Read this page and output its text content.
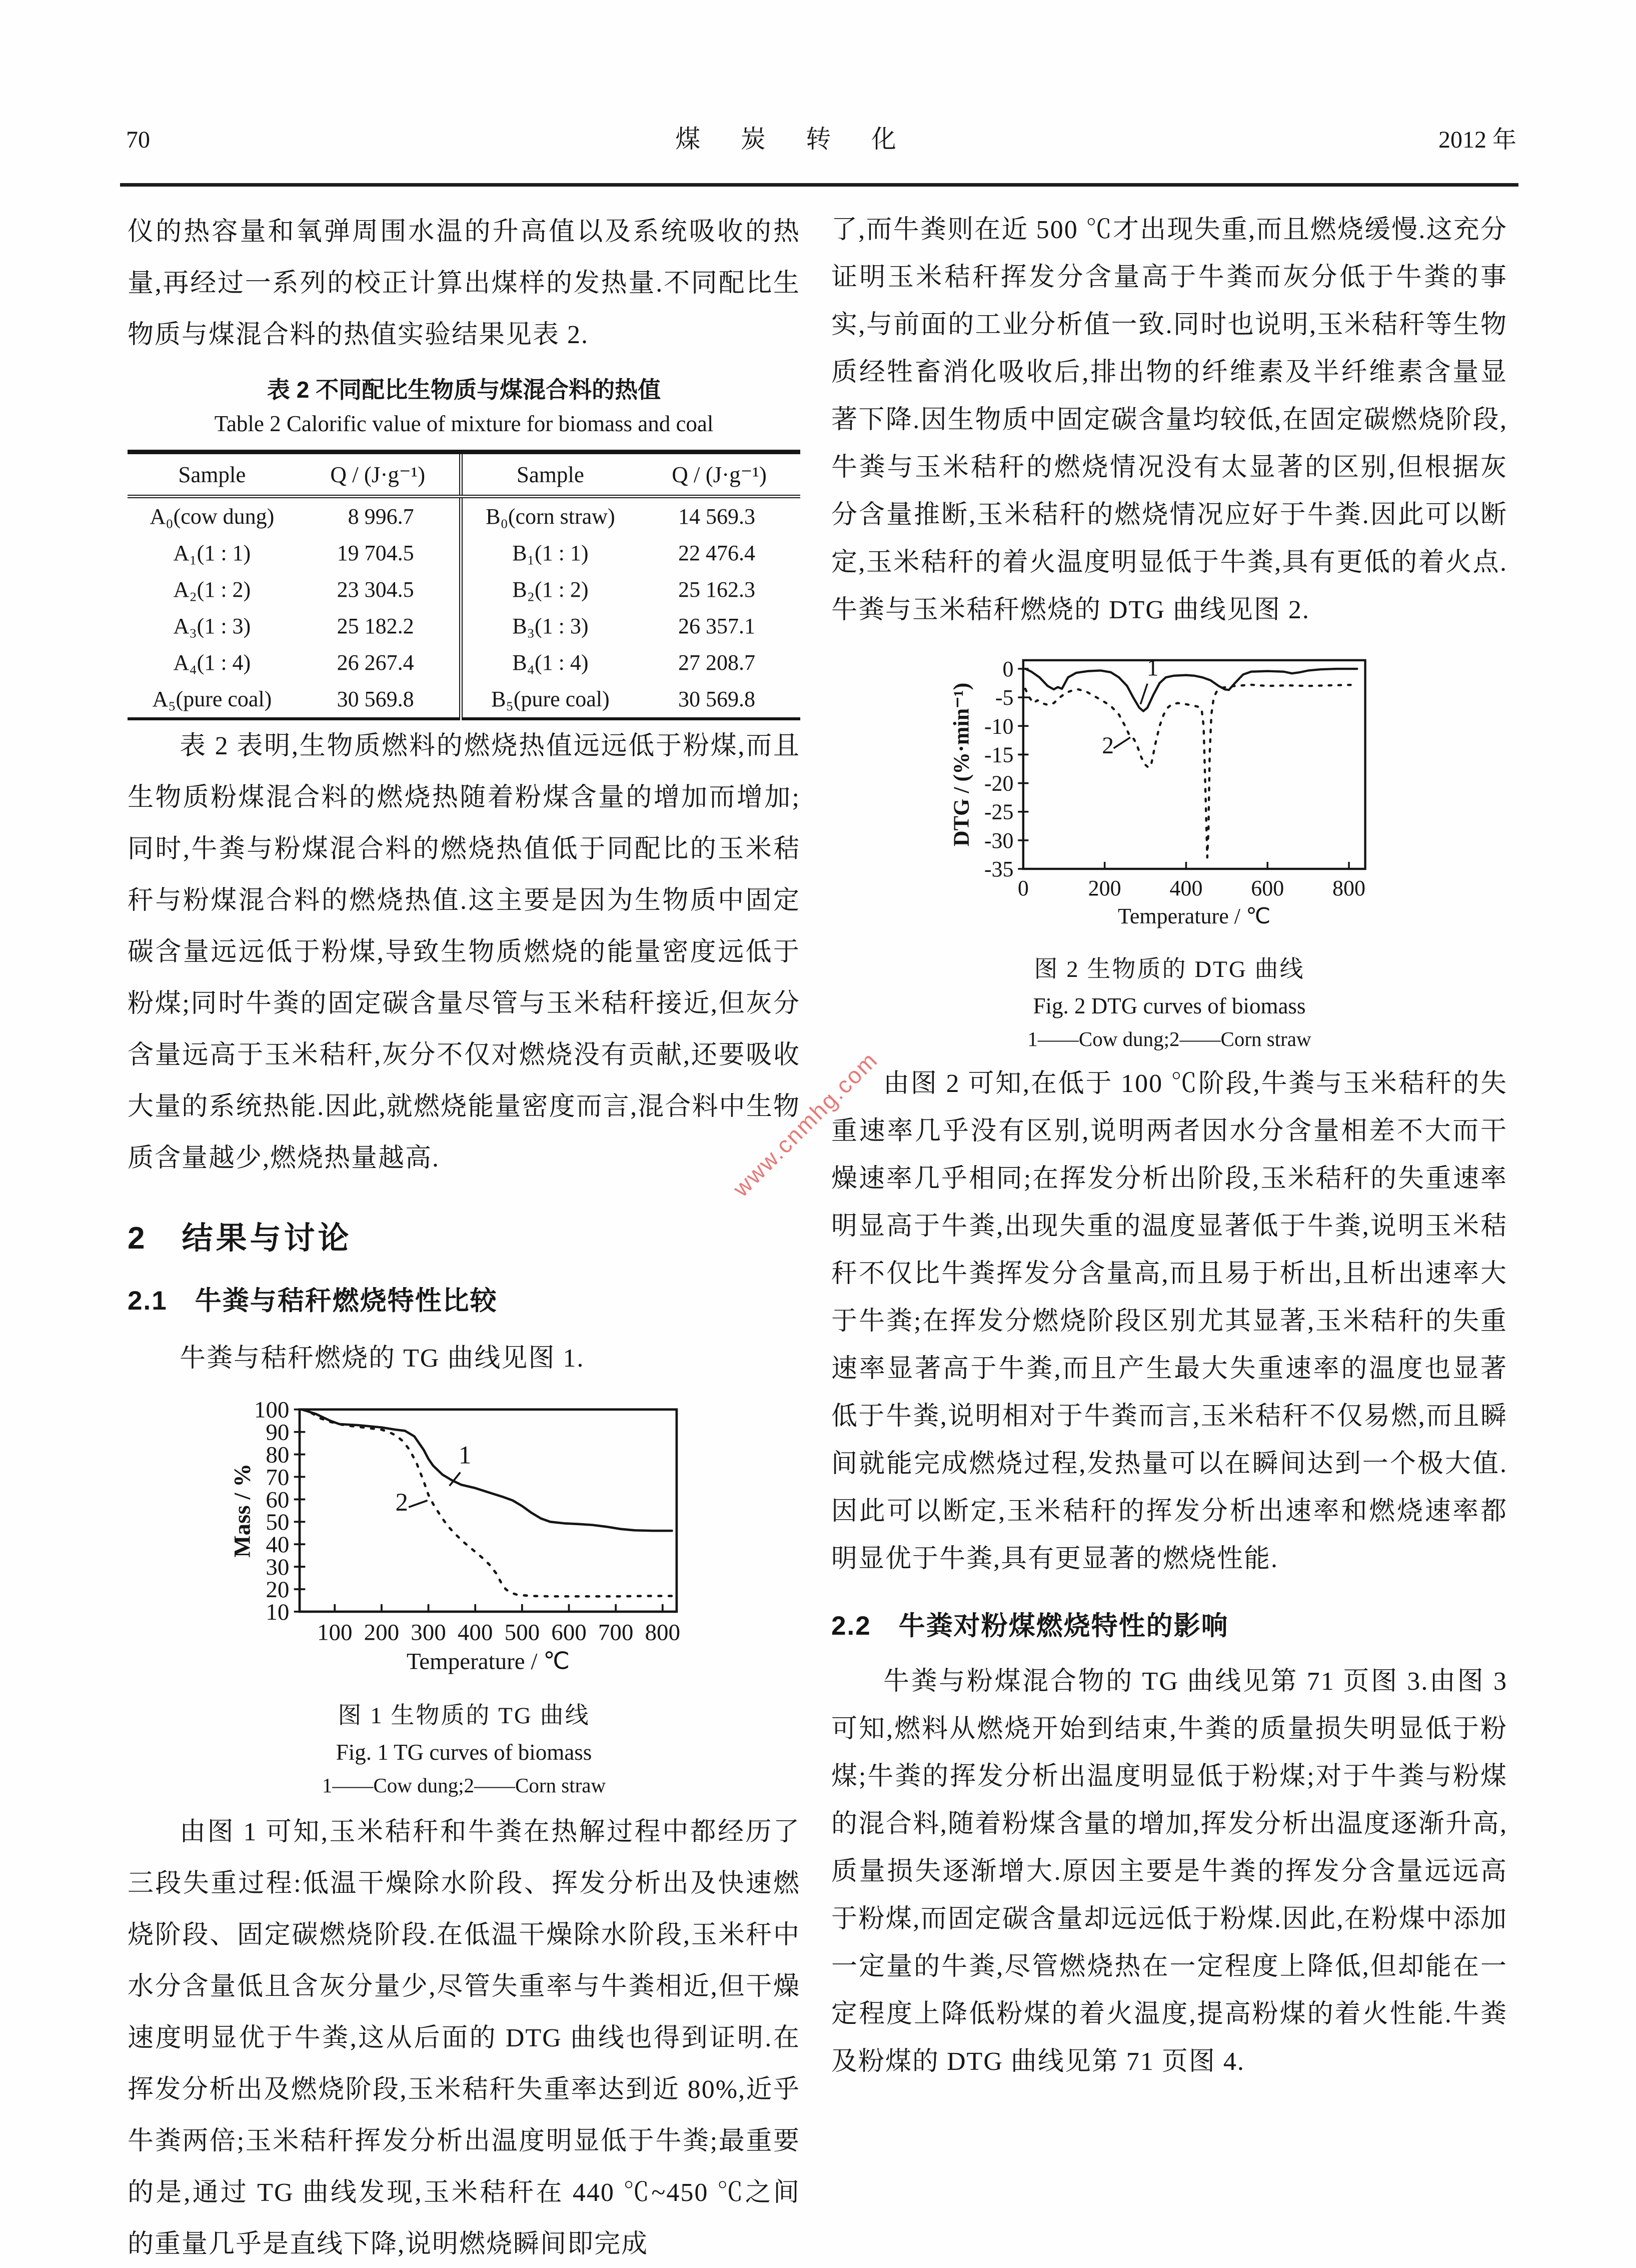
70	煤 炭 转 化	2012 年

仪的热容量和氧弹周围水温的升高值以及系统吸收的热量,再经过一系列的校正计算出煤样的发热量.不同配比生物质与煤混合料的热值实验结果见表 2.

表 2 不同配比生物质与煤混合料的热值
Table 2 Calorific value of mixture for biomass and coal
Sample	Q / (J·g⁻¹)	Sample	Q / (J·g⁻¹)
A₀(cow dung)	8 996.7	B₀(corn straw)	14 569.3
A₁(1 : 1)	19 704.5	B₁(1 : 1)	22 476.4
A₂(1 : 2)	23 304.5	B₂(1 : 2)	25 162.3
A₃(1 : 3)	25 182.2	B₃(1 : 3)	26 357.1
A₄(1 : 4)	26 267.4	B₄(1 : 4)	27 208.7
A₅(pure coal)	30 569.8	B₅(pure coal)	30 569.8

表 2 表明,生物质燃料的燃烧热值远远低于粉煤,而且生物质粉煤混合料的燃烧热随着粉煤含量的增加而增加;同时,牛粪与粉煤混合料的燃烧热值低于同配比的玉米秸秆与粉煤混合料的燃烧热值.这主要是因为生物质中固定碳含量远远低于粉煤,导致生物质燃烧的能量密度远低于粉煤;同时牛粪的固定碳含量尽管与玉米秸秆接近,但灰分含量远高于玉米秸秆,灰分不仅对燃烧没有贡献,还要吸收大量的系统热能.因此,就燃烧能量密度而言,混合料中生物质含量越少,燃烧热量越高.

2　结果与讨论
2.1　牛粪与秸秆燃烧特性比较

牛粪与秸秆燃烧的 TG 曲线见图 1.

100 200 300 400 500 600 700 800
10
20
30
40
50
60
70
80
90
100
1
2
Temperature / ℃
Mass / %
图 1 生物质的 TG 曲线
Fig. 1 TG curves of biomass
1——Cow dung;2——Corn straw

由图 1 可知,玉米秸秆和牛粪在热解过程中都经历了三段失重过程:低温干燥除水阶段、挥发分析出及快速燃烧阶段、固定碳燃烧阶段.在低温干燥除水阶段,玉米秆中水分含量低且含灰分量少,尽管失重率与牛粪相近,但干燥速度明显优于牛粪,这从后面的 DTG 曲线也得到证明.在挥发分析出及燃烧阶段,玉米秸秆失重率达到近 80%,近乎牛粪两倍;玉米秸秆挥发分析出温度明显低于牛粪;最重要的是,通过 TG 曲线发现,玉米秸秆在 440 ℃~450 ℃之间的重量几乎是直线下降,说明燃烧瞬间即完成

了,而牛粪则在近 500 ℃才出现失重,而且燃烧缓慢.这充分证明玉米秸秆挥发分含量高于牛粪而灰分低于牛粪的事实,与前面的工业分析值一致.同时也说明,玉米秸秆等生物质经牲畜消化吸收后,排出物的纤维素及半纤维素含量显著下降.因生物质中固定碳含量均较低,在固定碳燃烧阶段,牛粪与玉米秸秆的燃烧情况没有太显著的区别,但根据灰分含量推断,玉米秸秆的燃烧情况应好于牛粪.因此可以断定,玉米秸秆的着火温度明显低于牛粪,具有更低的着火点.牛粪与玉米秸秆燃烧的 DTG 曲线见图 2.

0 200 400 600 800
0
-5
-10
-15
-20
-25
-30
-35
1
2
Temperature / ℃
DTG / (%·min⁻¹)
图 2 生物质的 DTG 曲线
Fig. 2 DTG curves of biomass
1——Cow dung;2——Corn straw

由图 2 可知,在低于 100 ℃阶段,牛粪与玉米秸秆的失重速率几乎没有区别,说明两者因水分含量相差不大而干燥速率几乎相同;在挥发分析出阶段,玉米秸秆的失重速率明显高于牛粪,出现失重的温度显著低于牛粪,说明玉米秸秆不仅比牛粪挥发分含量高,而且易于析出,且析出速率大于牛粪;在挥发分燃烧阶段区别尤其显著,玉米秸秆的失重速率显著高于牛粪,而且产生最大失重速率的温度也显著低于牛粪,说明相对于牛粪而言,玉米秸秆不仅易燃,而且瞬间就能完成燃烧过程,发热量可以在瞬间达到一个极大值.因此可以断定,玉米秸秆的挥发分析出速率和燃烧速率都明显优于牛粪,具有更显著的燃烧性能.

2.2　牛粪对粉煤燃烧特性的影响

牛粪与粉煤混合物的 TG 曲线见第 71 页图 3.由图 3 可知,燃料从燃烧开始到结束,牛粪的质量损失明显低于粉煤;牛粪的挥发分析出温度明显低于粉煤;对于牛粪与粉煤的混合料,随着粉煤含量的增加,挥发分析出温度逐渐升高,质量损失逐渐增大.原因主要是牛粪的挥发分含量远远高于粉煤,而固定碳含量却远远低于粉煤.因此,在粉煤中添加一定量的牛粪,尽管燃烧热在一定程度上降低,但却能在一定程度上降低粉煤的着火温度,提高粉煤的着火性能.牛粪及粉煤的 DTG 曲线见第 71 页图 4.

www.cnmhg.com
